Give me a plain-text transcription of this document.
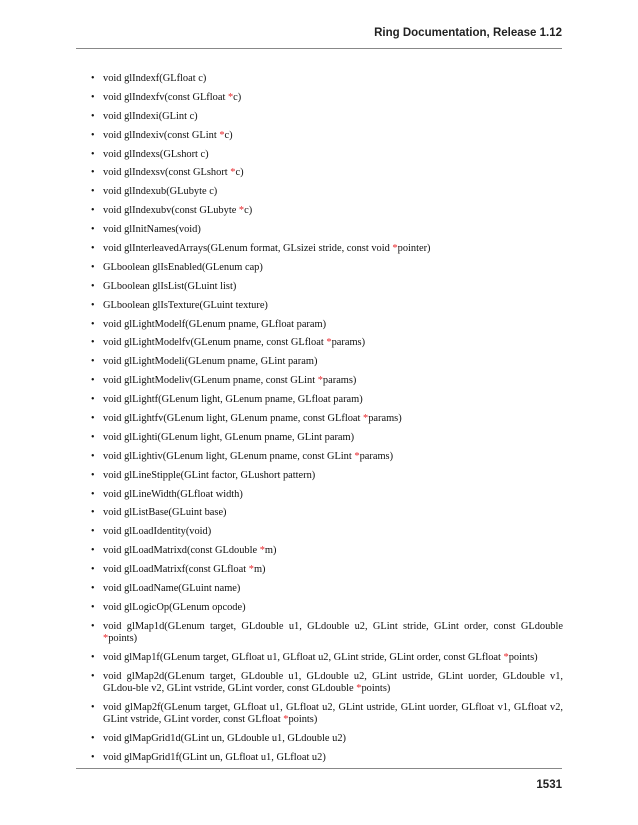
Ring Documentation, Release 1.12
• void glIndexf(GLfloat c)
• void glIndexfv(const GLfloat *c)
• void glIndexi(GLint c)
• void glIndexiv(const GLint *c)
• void glIndexs(GLshort c)
• void glIndexsv(const GLshort *c)
• void glIndexub(GLubyte c)
• void glIndexubv(const GLubyte *c)
• void glInitNames(void)
• void glInterleavedArrays(GLenum format, GLsizei stride, const void *pointer)
• GLboolean glIsEnabled(GLenum cap)
• GLboolean glIsList(GLuint list)
• GLboolean glIsTexture(GLuint texture)
• void glLightModelf(GLenum pname, GLfloat param)
• void glLightModelfv(GLenum pname, const GLfloat *params)
• void glLightModeli(GLenum pname, GLint param)
• void glLightModeliv(GLenum pname, const GLint *params)
• void glLightf(GLenum light, GLenum pname, GLfloat param)
• void glLightfv(GLenum light, GLenum pname, const GLfloat *params)
• void glLighti(GLenum light, GLenum pname, GLint param)
• void glLightiv(GLenum light, GLenum pname, const GLint *params)
• void glLineStipple(GLint factor, GLushort pattern)
• void glLineWidth(GLfloat width)
• void glListBase(GLuint base)
• void glLoadIdentity(void)
• void glLoadMatrixd(const GLdouble *m)
• void glLoadMatrixf(const GLfloat *m)
• void glLoadName(GLuint name)
• void glLogicOp(GLenum opcode)
• void glMap1d(GLenum target, GLdouble u1, GLdouble u2, GLint stride, GLint order, const GLdouble *points)
• void glMap1f(GLenum target, GLfloat u1, GLfloat u2, GLint stride, GLint order, const GLfloat *points)
• void glMap2d(GLenum target, GLdouble u1, GLdouble u2, GLint ustride, GLint uorder, GLdouble v1, GLdou-ble v2, GLint vstride, GLint vorder, const GLdouble *points)
• void glMap2f(GLenum target, GLfloat u1, GLfloat u2, GLint ustride, GLint uorder, GLfloat v1, GLfloat v2, GLint vstride, GLint vorder, const GLfloat *points)
• void glMapGrid1d(GLint un, GLdouble u1, GLdouble u2)
• void glMapGrid1f(GLint un, GLfloat u1, GLfloat u2)
1531
